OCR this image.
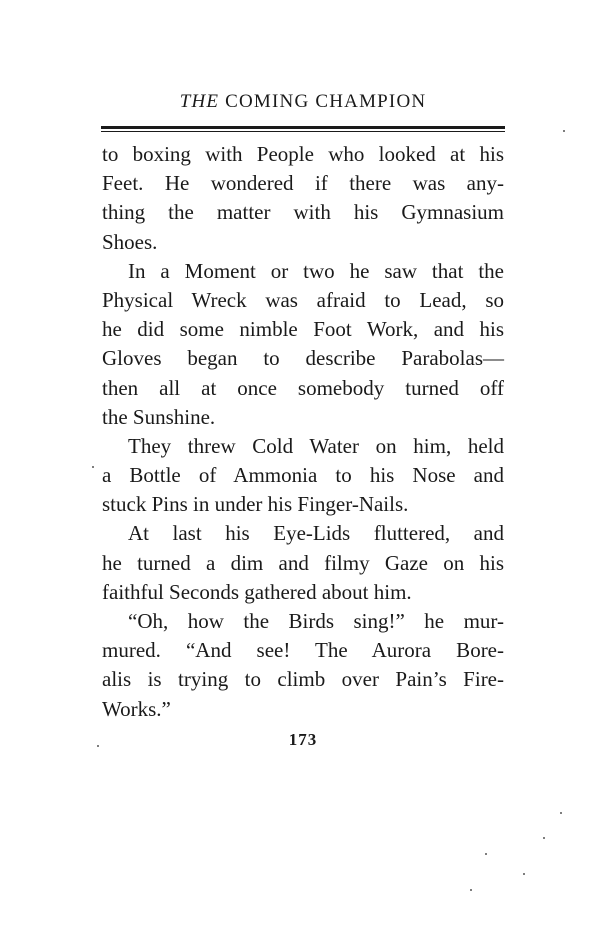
THE COMING CHAMPION
to boxing with People who looked at his
Feet. He wondered if there was any-
thing the matter with his Gymnasium
Shoes.
In a Moment or two he saw that the
Physical Wreck was afraid to Lead, so
he did some nimble Foot Work, and his
Gloves began to describe Parabolas—
then all at once somebody turned off
the Sunshine.
They threw Cold Water on him, held
a Bottle of Ammonia to his Nose and
stuck Pins in under his Finger-Nails.
At last his Eye-Lids fluttered, and
he turned a dim and filmy Gaze on his
faithful Seconds gathered about him.
“Oh, how the Birds sing!” he mur-
mured. “And see! The Aurora Bore-
alis is trying to climb over Pain’s Fire-
Works.”
173
